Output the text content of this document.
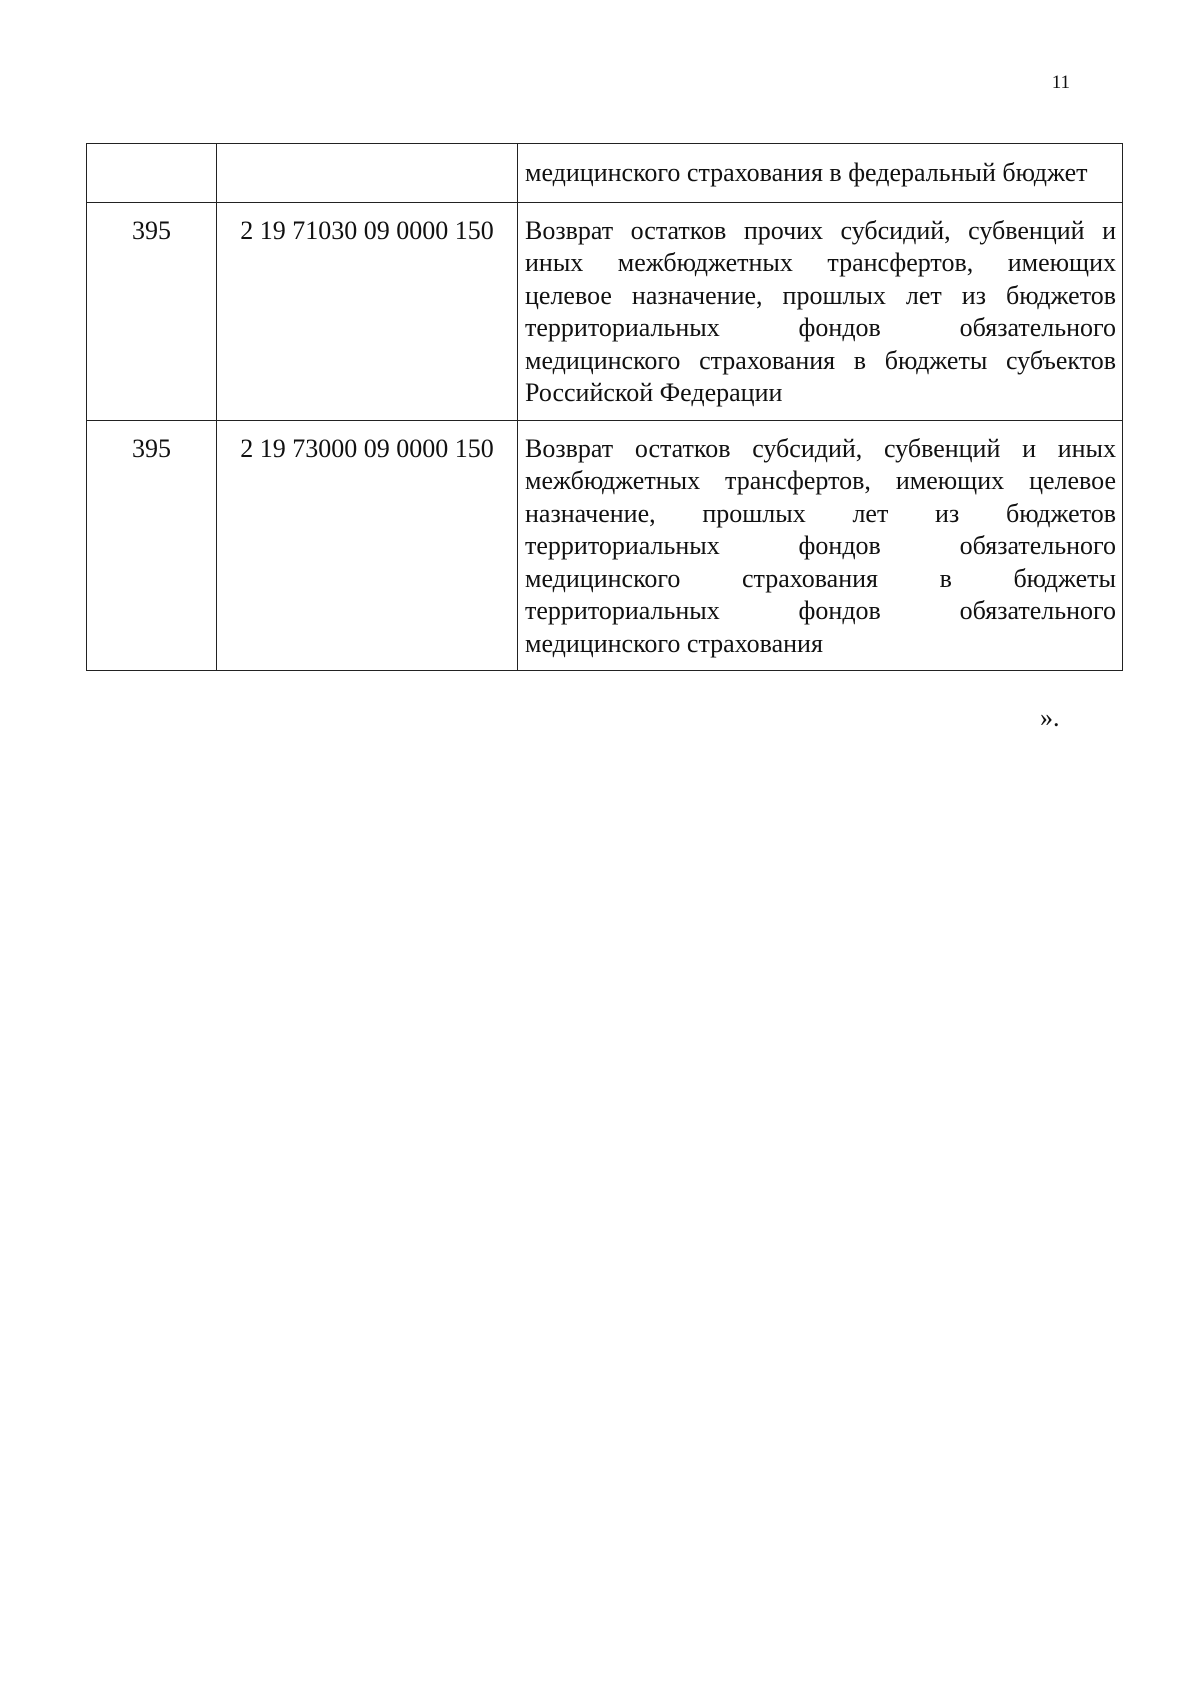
11
		медицинского страхования в федеральный бюджет
395	2 19 71030 09 0000 150	Возврат остатков прочих субсидий, субвенций и иных межбюджетных трансфертов, имеющих целевое назначение, прошлых лет из бюджетов территориальных фондов обязательного медицинского страхования в бюджеты субъектов Российской Федерации
395	2 19 73000 09 0000 150	Возврат остатков субсидий, субвенций и иных межбюджетных трансфертов, имеющих целевое назначение, прошлых лет из бюджетов территориальных фондов обязательного медицинского страхования в бюджеты территориальных фондов обязательного медицинского страхования
».
